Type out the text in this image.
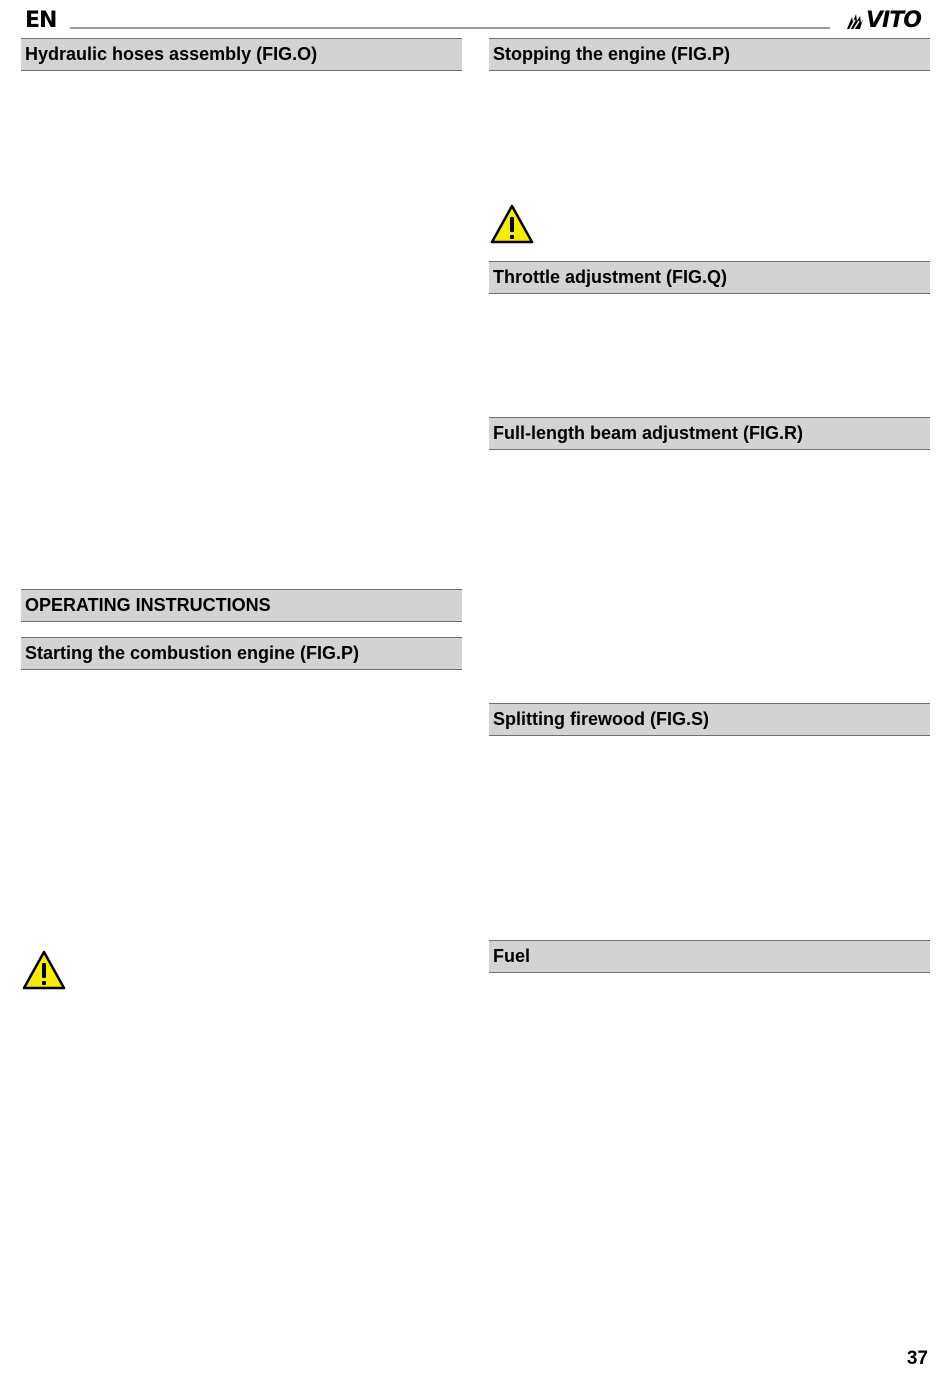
EN	VITO
Hydraulic hoses assembly (FIG.O)
OPERATING INSTRUCTIONS
Starting the combustion engine (FIG.P)
Stopping the engine (FIG.P)
Throttle adjustment (FIG.Q)
Full-length beam adjustment (FIG.R)
Splitting firewood (FIG.S)
Fuel
37
